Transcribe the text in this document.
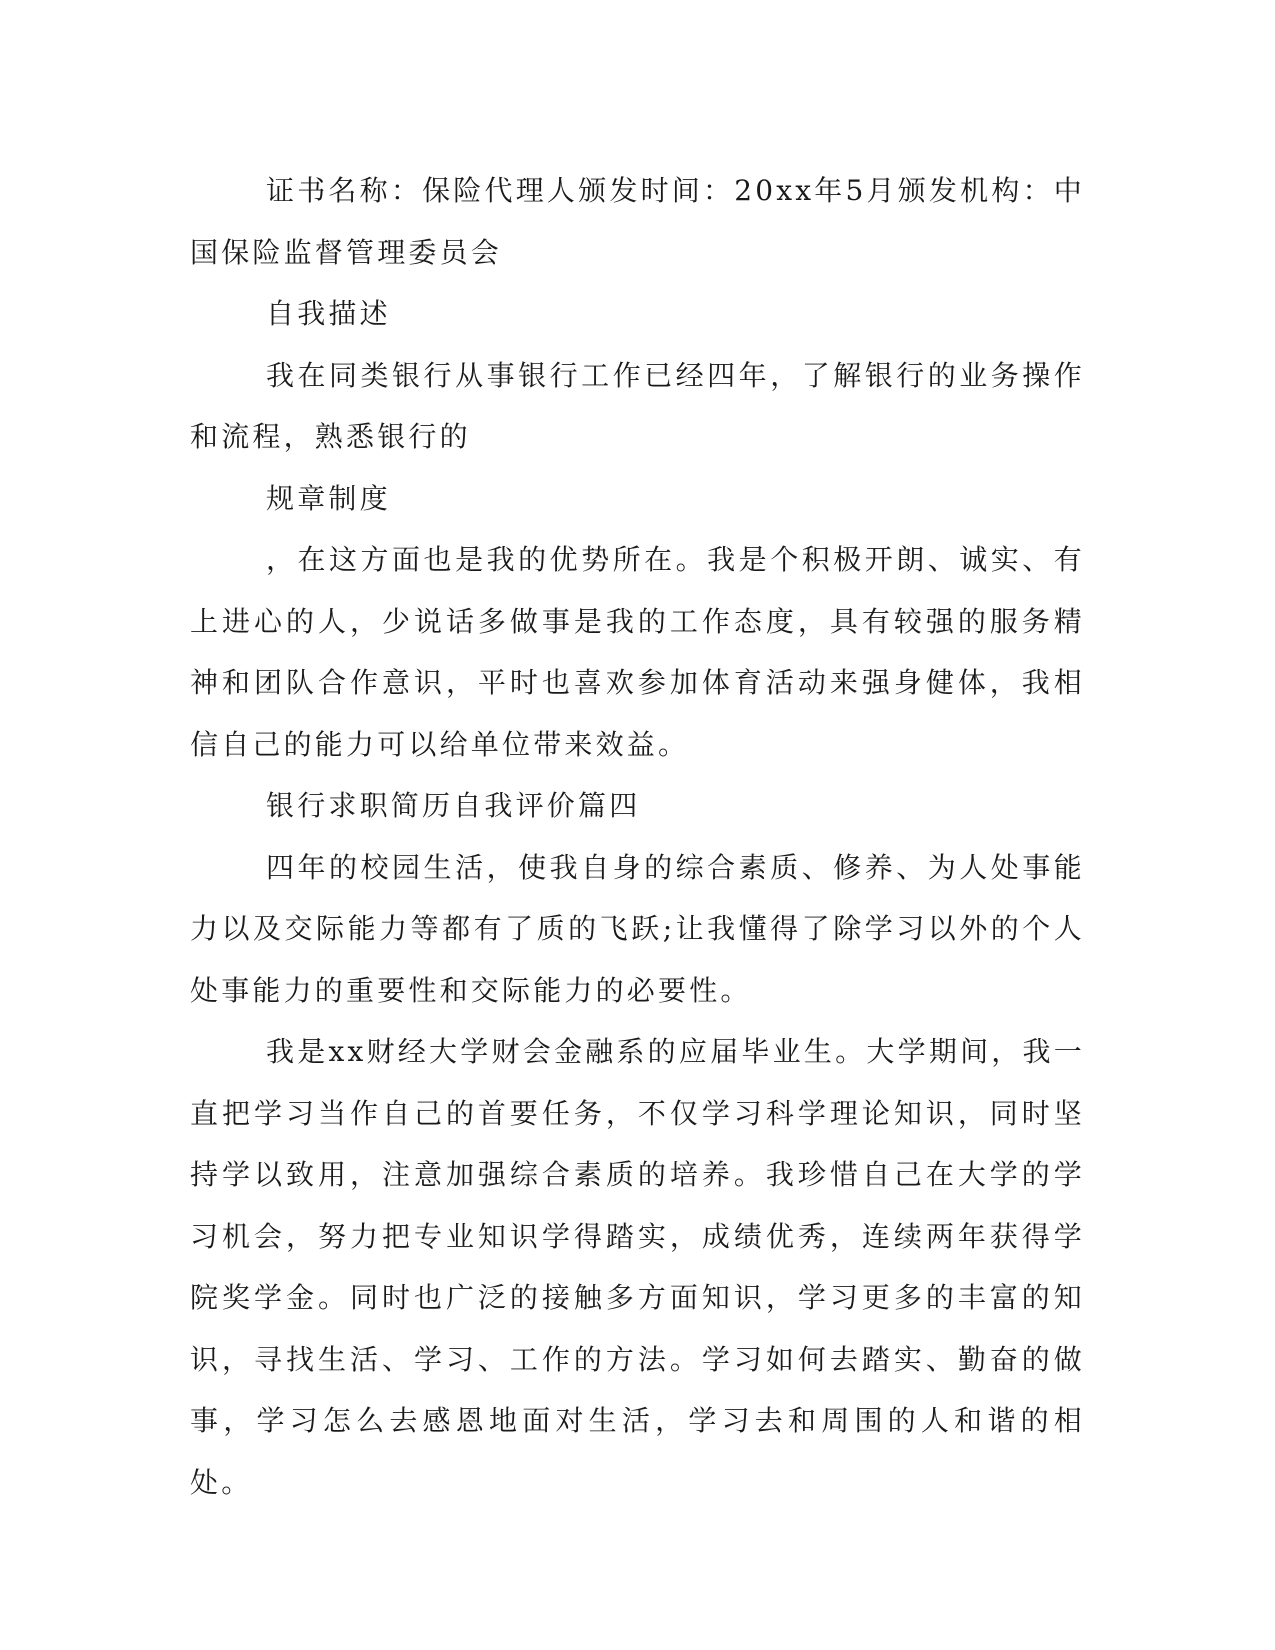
证书名称：保险代理人颁发时间：20xx年5月颁发机构：中国保险监督管理委员会

自我描述

我在同类银行从事银行工作已经四年，了解银行的业务操作和流程，熟悉银行的

规章制度

，在这方面也是我的优势所在。我是个积极开朗、诚实、有上进心的人，少说话多做事是我的工作态度，具有较强的服务精神和团队合作意识，平时也喜欢参加体育活动来强身健体，我相信自己的能力可以给单位带来效益。

银行求职简历自我评价篇四

四年的校园生活，使我自身的综合素质、修养、为人处事能力以及交际能力等都有了质的飞跃;让我懂得了除学习以外的个人处事能力的重要性和交际能力的必要性。

我是xx财经大学财会金融系的应届毕业生。大学期间，我一直把学习当作自己的首要任务，不仅学习科学理论知识，同时坚持学以致用，注意加强综合素质的培养。我珍惜自己在大学的学习机会，努力把专业知识学得踏实，成绩优秀，连续两年获得学院奖学金。同时也广泛的接触多方面知识，学习更多的丰富的知识，寻找生活、学习、工作的方法。学习如何去踏实、勤奋的做事，学习怎么去感恩地面对生活，学习去和周围的人和谐的相处。
